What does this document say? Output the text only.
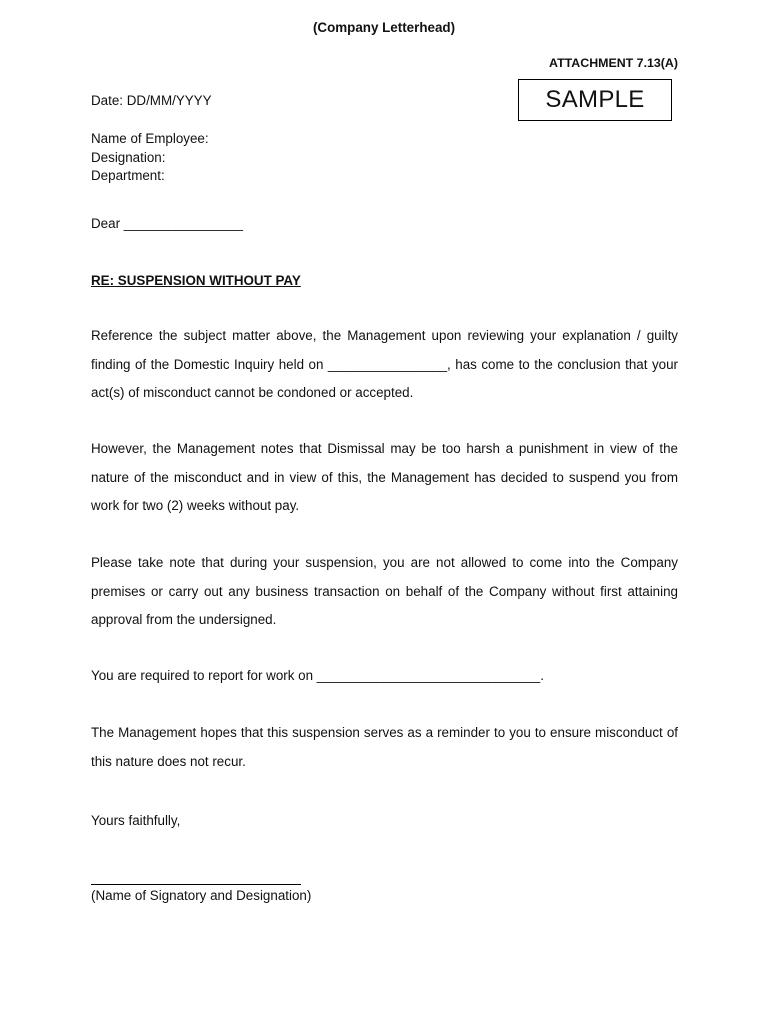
(Company Letterhead)
ATTACHMENT 7.13(A)
SAMPLE
Date: DD/MM/YYYY
Name of Employee:
Designation:
Department:
Dear ________________
RE: SUSPENSION WITHOUT PAY

Reference the subject matter above, the Management upon reviewing your explanation / guilty finding of the Domestic Inquiry held on ________________, has come to the conclusion that your act(s) of misconduct cannot be condoned or accepted.

However, the Management notes that Dismissal may be too harsh a punishment in view of the nature of the misconduct and in view of this, the Management has decided to suspend you from work for two (2) weeks without pay.

Please take note that during your suspension, you are not allowed to come into the Company premises or carry out any business transaction on behalf of the Company without first attaining approval from the undersigned.

You are required to report for work on ______________________________.

The Management hopes that this suspension serves as a reminder to you to ensure misconduct of this nature does not recur.

Yours faithfully,
(Name of Signatory and Designation)
